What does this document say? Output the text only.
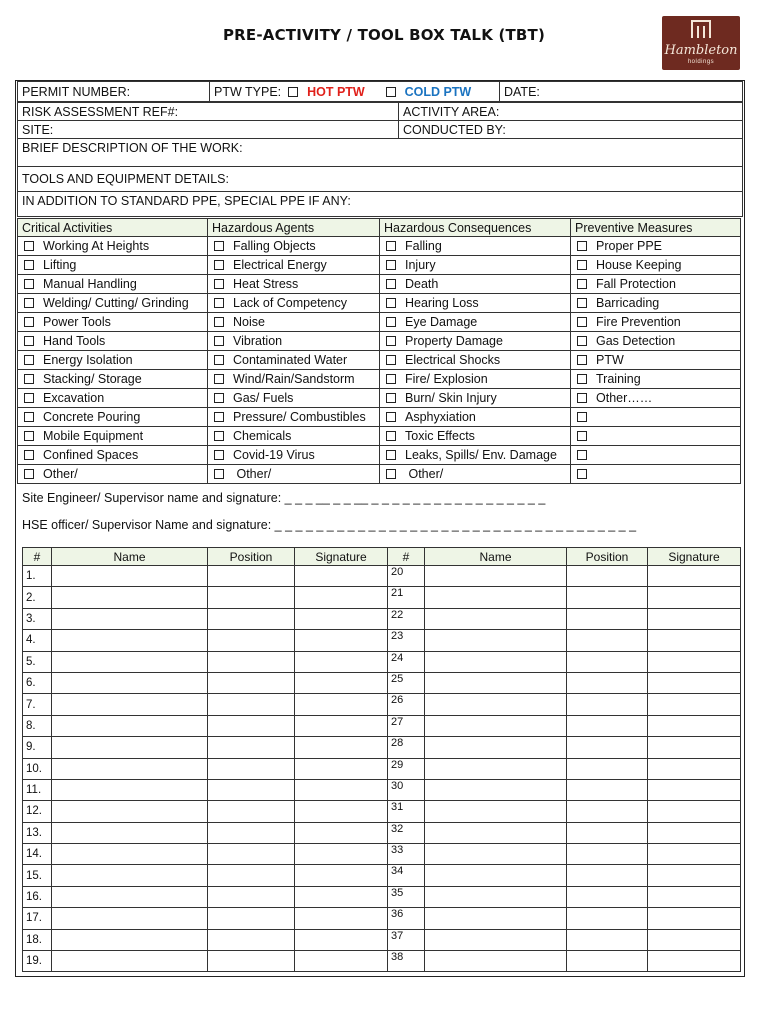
PRE-ACTIVITY / TOOL BOX TALK (TBT)
Hambleton
holdings
PERMIT NUMBER:	PTW TYPE: HOT PTW	COLD PTW	DATE:
RISK ASSESSMENT REF#:	ACTIVITY AREA:
SITE:	CONDUCTED BY:
BRIEF DESCRIPTION OF THE WORK:
TOOLS AND EQUIPMENT DETAILS:
IN ADDITION TO STANDARD PPE, SPECIAL PPE IF ANY:
Critical Activities	Hazardous Agents	Hazardous Consequences	Preventive Measures
Working At Heights	Falling Objects	Falling	Proper PPE
Lifting	Electrical Energy	Injury	House Keeping
Manual Handling	Heat Stress	Death	Fall Protection
Welding/ Cutting/ Grinding	Lack of Competency	Hearing Loss	Barricading
Power Tools	Noise	Eye Damage	Fire Prevention
Hand Tools	Vibration	Property Damage	Gas Detection
Energy Isolation	Contaminated Water	Electrical Shocks	PTW
Stacking/ Storage	Wind/Rain/Sandstorm	Fire/ Explosion	Training
Excavation	Gas/ Fuels	Burn/ Skin Injury	Other……
Concrete Pouring	Pressure/ Combustibles	Asphyxiation	
Mobile Equipment	Chemicals	Toxic Effects	
Confined Spaces	Covid-19 Virus	Leaks, Spills/ Env. Damage	
Other/	Other/	Other/	
Site Engineer/ Supervisor name and signature: _ _ _ __ _ _ __ _ _ _ _ _ _ _ _ _ _ _ _ _ _ _ _ _
HSE officer/ Supervisor Name and signature: _ _ _ _ _ _ _ _ _ _ _ _ _ _ _ _ _ _ _ _ _ _ _ _ _ _ _ _ _ _ _ _ _ _ _
#	Name	Position	Signature	#	Name	Position	Signature
1.				20			
2.				21			
3.				22			
4.				23			
5.				24			
6.				25			
7.				26			
8.				27			
9.				28			
10.				29			
11.				30			
12.				31			
13.				32			
14.				33			
15.				34			
16.				35			
17.				36			
18.				37			
19.				38			
